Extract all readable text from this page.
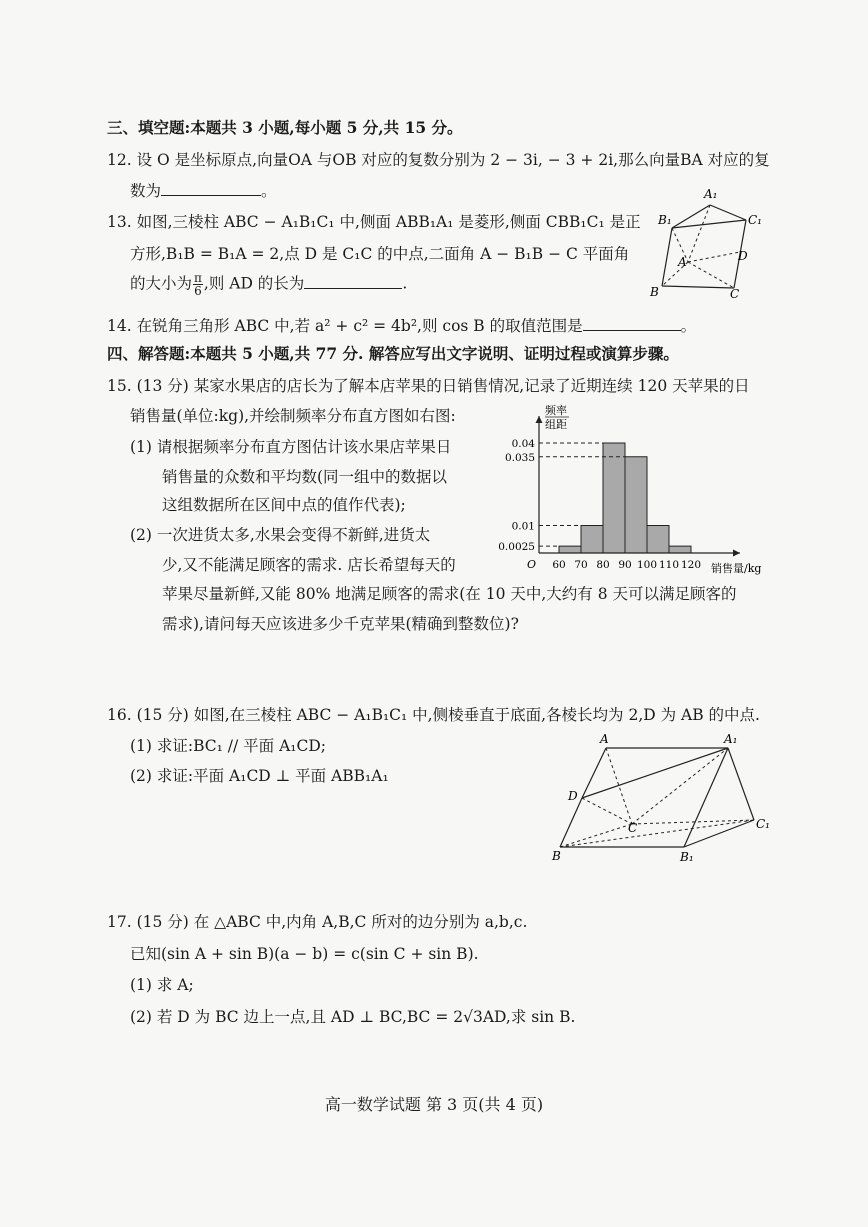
三、填空题:本题共 3 小题,每小题 5 分,共 15 分。
12. 设 O 是坐标原点,向量OA 与OB 对应的复数分别为 2 − 3i, − 3 + 2i,那么向量BA 对应的复
数为	。
13. 如图,三棱柱 ABC − A₁B₁C₁ 中,侧面 ABB₁A₁ 是菱形,侧面 CBB₁C₁ 是正
方形,B₁B = B₁A = 2,点 D 是 C₁C 的中点,二面角 A − B₁B − C 平面角
的大小为 $\frac{\pi}{6}$ ,则 AD 的长为	.
A₁
B₁	C₁
D
A
B	C
14. 在锐角三角形 ABC 中,若 a² + c² = 4b²,则 cos B 的取值范围是	。
四、解答题:本题共 5 小题,共 77 分. 解答应写出文字说明、证明过程或演算步骤。
15. (13 分) 某家水果店的店长为了解本店苹果的日销售情况,记录了近期连续 120 天苹果的日
销售量(单位:kg),并绘制频率分布直方图如右图:
(1) 请根据频率分布直方图估计该水果店苹果日
销售量的众数和平均数(同一组中的数据以
这组数据所在区间中点的值作代表);
(2) 一次进货太多,水果会变得不新鲜,进货太
少,又不能满足顾客的需求. 店长希望每天的
苹果尽量新鲜,又能 80% 地满足顾客的需求(在 10 天中,大约有 8 天可以满足顾客的
需求),请问每天应该进多少千克苹果(精确到整数位)?
频率
组距
O	销售量/kg
60 70 80 90 100 110 120
0.0025
0.01
0.035
0.04
16. (15 分) 如图,在三棱柱 ABC − A₁B₁C₁ 中,侧棱垂直于底面,各棱长均为 2,D 为 AB 的中点.
(1) 求证:BC₁ // 平面 A₁CD;
(2) 求证:平面 A₁CD ⊥ 平面 ABB₁A₁
A	A₁
D
C	C₁
B	B₁
17. (15 分) 在 △ABC 中,内角 A,B,C 所对的边分别为 a,b,c.
已知(sin A + sin B)(a − b) = c(sin C + sin B).
(1) 求 A;
(2) 若 D 为 BC 边上一点,且 AD ⊥ BC,BC = 2√3AD,求 sin B.
高一数学试题 第 3 页(共 4 页)
